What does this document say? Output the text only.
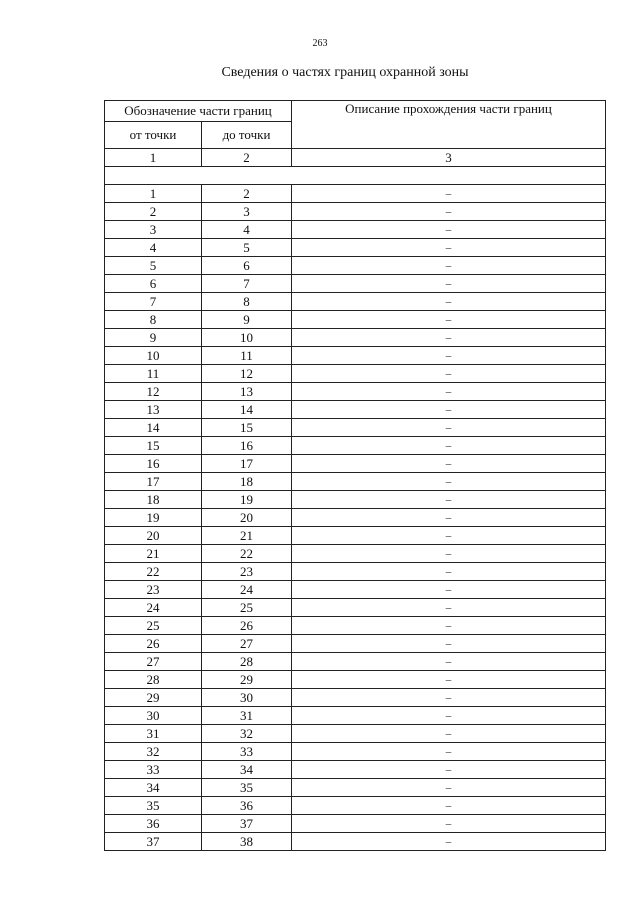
263
Сведения о частях границ охранной зоны
Обозначение части границ		Описание прохождения части границ
от точки	до точки	
1	2	3

1	2	–
2	3	–
3	4	–
4	5	–
5	6	–
6	7	–
7	8	–
8	9	–
9	10	–
10	11	–
11	12	–
12	13	–
13	14	–
14	15	–
15	16	–
16	17	–
17	18	–
18	19	–
19	20	–
20	21	–
21	22	–
22	23	–
23	24	–
24	25	–
25	26	–
26	27	–
27	28	–
28	29	–
29	30	–
30	31	–
31	32	–
32	33	–
33	34	–
34	35	–
35	36	–
36	37	–
37	38	–
